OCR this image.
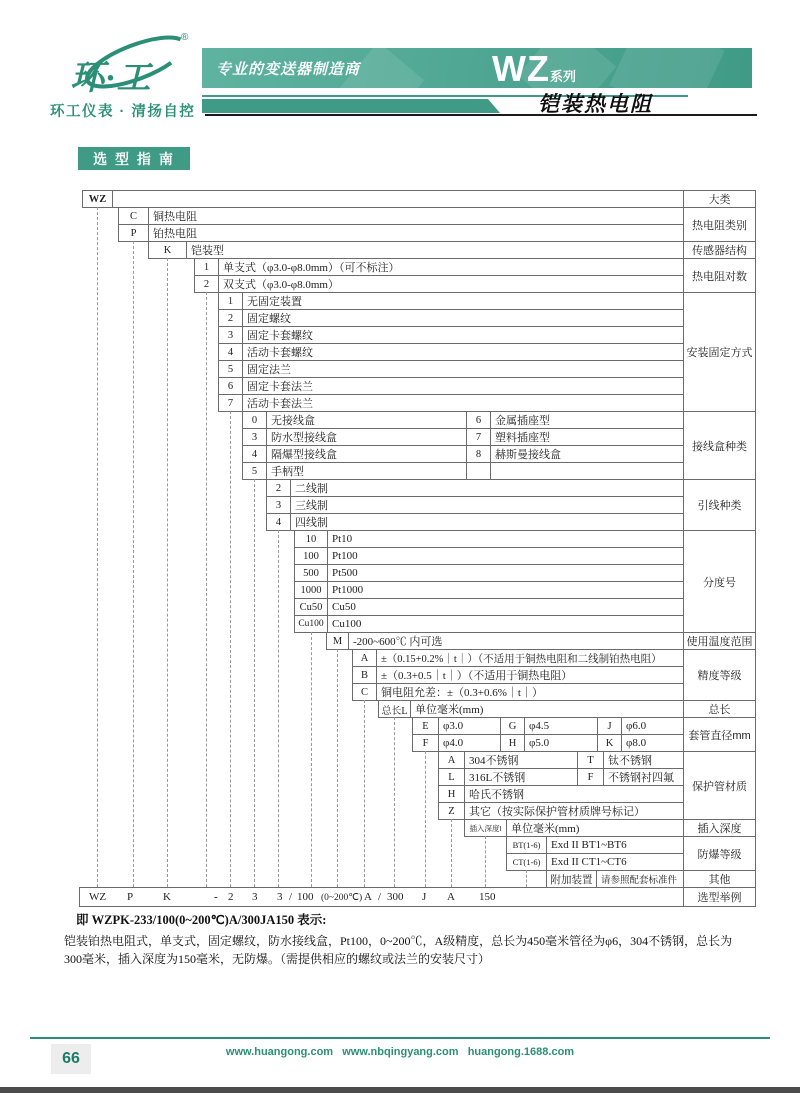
环·工
®
环工仪表 · 清扬自控
专业的变送器制造商	WZ系列
铠装热电阻
选 型 指 南
WZ	大类
C	铜热电阻
P	铂热电阻
热电阻类别
K	铠装型	传感器结构
1	单支式（φ3.0-φ8.0mm）（可不标注）
2	双支式（φ3.0-φ8.0mm）
热电阻对数
1	无固定装置
2	固定螺纹
3	固定卡套螺纹
4	活动卡套螺纹
5	固定法兰
6	固定卡套法兰
7	活动卡套法兰
安装固定方式
0	无接线盒	6	金属插座型
3	防水型接线盒	7	塑料插座型
4	隔爆型接线盒	8	赫斯曼接线盒
5	手柄型
接线盒种类
2	二线制
3	三线制
4	四线制
引线种类
10	Pt10
100	Pt100
500	Pt500
1000 Pt1000
Cu50 Cu50
Cu100 Cu100
分度号
M -200~600℃ 内可选	使用温度范围
A	±（0.15+0.2%｜t｜）（不适用于铜热电阻和二线制铂热电阻）
B	±（0.3+0.5｜t｜）（不适用于铜热电阻）
C	铜电阻允差：±（0.3+0.6%｜t｜）
精度等级
总长L 单位毫米(mm)	总长
E	φ3.0	G	φ4.5	J	φ6.0
F	φ4.0	H	φ5.0	K	φ8.0
套管直径mm
A	304不锈钢	T	钛不锈钢
L	316L不锈钢	F	不锈钢衬四氟
H	哈氏不锈钢
Z	其它（按实际保护管材质牌号标记）
保护管材质
插入深度l 单位毫米(mm)	插入深度
BT(1-6) Exd II BT1~BT6
CT(1-6) Exd II CT1~CT6
防爆等级
附加装置 请参照配套标准件	其他
WZ P	K	- 2 3 3 / 100 (0~200℃) A / 300 J A 150	选型举例
即 WZPK-233/100(0~200℃)A/300JA150 表示:
铠装铂热电阻式，单支式，固定螺纹，防水接线盒，Pt100，0~200℃，A级精度，总长为450毫米管径为φ6，304不锈钢，总长为300毫米，插入深度为150毫米，无防爆。（需提供相应的螺纹或法兰的安装尺寸）
66	www.huangong.com   www.nbqingyang.com   huangong.1688.com
